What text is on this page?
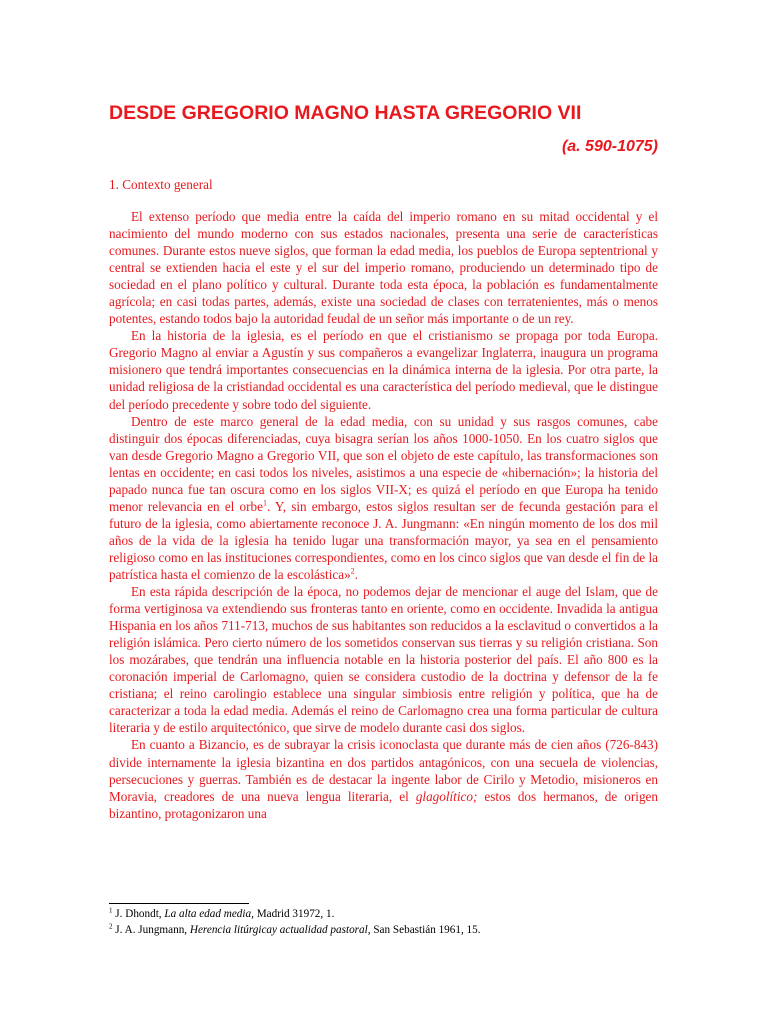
DESDE GREGORIO MAGNO HASTA GREGORIO VII
(a. 590-1075)
1. Contexto general

El extenso período que media entre la caída del imperio romano en su mitad occidental y el nacimiento del mundo moderno con sus estados nacionales, presenta una serie de características comunes. Durante estos nueve siglos, que forman la edad media, los pueblos de Europa septentrional y central se extienden hacia el este y el sur del imperio romano, produciendo un determinado tipo de sociedad en el plano político y cultural. Durante toda esta época, la población es fundamentalmente agrícola; en casi todas partes, además, existe una sociedad de clases con terratenientes, más o menos potentes, estando todos bajo la autoridad feudal de un señor más importante o de un rey.

En la historia de la iglesia, es el período en que el cristianismo se propaga por toda Europa. Gregorio Magno al enviar a Agustín y sus compañeros a evangelizar Inglaterra, inaugura un programa misionero que tendrá importantes consecuencias en la dinámica interna de la iglesia. Por otra parte, la unidad religiosa de la cristiandad occidental es una característica del período medieval, que le distingue del período precedente y sobre todo del siguiente.

Dentro de este marco general de la edad media, con su unidad y sus rasgos comunes, cabe distinguir dos épocas diferenciadas, cuya bisagra serían los años 1000-1050. En los cuatro siglos que van desde Gregorio Magno a Gregorio VII, que son el objeto de este capítulo, las transformaciones son lentas en occidente; en casi todos los niveles, asistimos a una especie de «hibernación»; la historia del papado nunca fue tan oscura como en los siglos VII-X; es quizá el período en que Europa ha tenido menor relevancia en el orbe$^1$. Y, sin embargo, estos siglos resultan ser de fecunda gestación para el futuro de la iglesia, como abiertamente reconoce J. A. Jungmann: «En ningún momento de los dos mil años de la vida de la iglesia ha tenido lugar una transformación mayor, ya sea en el pensamiento religioso como en las instituciones correspondientes, como en los cinco siglos que van desde el fin de la patrística hasta el comienzo de la escolástica»$^2$.

En esta rápida descripción de la época, no podemos dejar de mencionar el auge del Islam, que de forma vertiginosa va extendiendo sus fronteras tanto en oriente, como en occidente. Invadida la antigua Hispania en los años 711-713, muchos de sus habitantes son reducidos a la esclavitud o convertidos a la religión islámica. Pero cierto número de los sometidos conservan sus tierras y su religión cristiana. Son los mozárabes, que tendrán una influencia notable en la historia posterior del país. El año 800 es la coronación imperial de Carlomagno, quien se considera custodio de la doctrina y defensor de la fe cristiana; el reino carolingio establece una singular simbiosis entre religión y política, que ha de caracterizar a toda la edad media. Además el reino de Carlomagno crea una forma particular de cultura literaria y de estilo arquitectónico, que sirve de modelo durante casi dos siglos.

En cuanto a Bizancio, es de subrayar la crisis iconoclasta que durante más de cien años (726-843) divide internamente la iglesia bizantina en dos partidos antagónicos, con una secuela de violencias, persecuciones y guerras. También es de destacar la ingente labor de Cirilo y Metodio, misioneros en Moravia, creadores de una nueva lengua literaria, el glagolítico; estos dos hermanos, de origen bizantino, protagonizaron una

$^1$ J. Dhondt, La alta edad media, Madrid 31972, 1.
$^2$ J. A. Jungmann, Herencia litúrgicay actualidad pastoral, San Sebastián 1961, 15.
